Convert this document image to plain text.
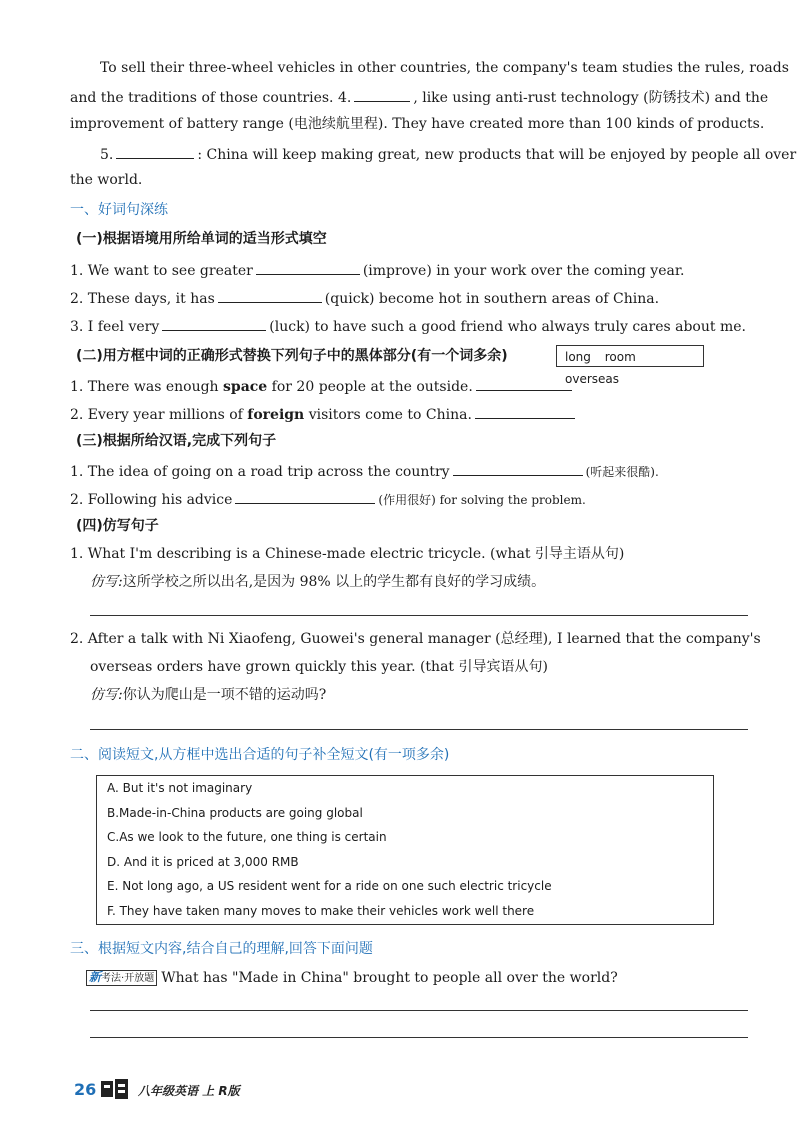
To sell their three-wheel vehicles in other countries, the company's team studies the rules, roads
and the traditions of those countries. 4.	, like using anti-rust technology (防锈技术) and the
improvement of battery range (电池续航里程). They have created more than 100 kinds of products.
5.	: China will keep making great, new products that will be enjoyed by people all over
the world.
一、好词句深练
(一)根据语境用所给单词的适当形式填空
1. We want to see greater	(improve) in your work over the coming year.
2. These days, it has	(quick) become hot in southern areas of China.
3. I feel very	(luck) to have such a good friend who always truly cares about me.
(二)用方框中词的正确形式替换下列句子中的黑体部分(有一个词多余)	long room overseas
1. There was enough space for 20 people at the outside.
2. Every year millions of foreign visitors come to China.
(三)根据所给汉语,完成下列句子
1. The idea of going on a road trip across the country	(听起来很酷).
2. Following his advice	(作用很好) for solving the problem.
(四)仿写句子
1. What I'm describing is a Chinese-made electric tricycle. (what 引导主语从句)
仿写:这所学校之所以出名,是因为 98% 以上的学生都有良好的学习成绩。
2. After a talk with Ni Xiaofeng, Guowei's general manager (总经理), I learned that the company's
overseas orders have grown quickly this year. (that 引导宾语从句)
仿写:你认为爬山是一项不错的运动吗?
二、阅读短文,从方框中选出合适的句子补全短文(有一项多余)
A. But it's not imaginary
B.Made-in-China products are going global
C.As we look to the future, one thing is certain
D. And it is priced at 3,000 RMB
E. Not long ago, a US resident went for a ride on one such electric tricycle
F. They have taken many moves to make their vehicles work well there
三、根据短文内容,结合自己的理解,回答下面问题
新考法·开放题 What has "Made in China" brought to people all over the world?
26	八年级英语 上 R版
